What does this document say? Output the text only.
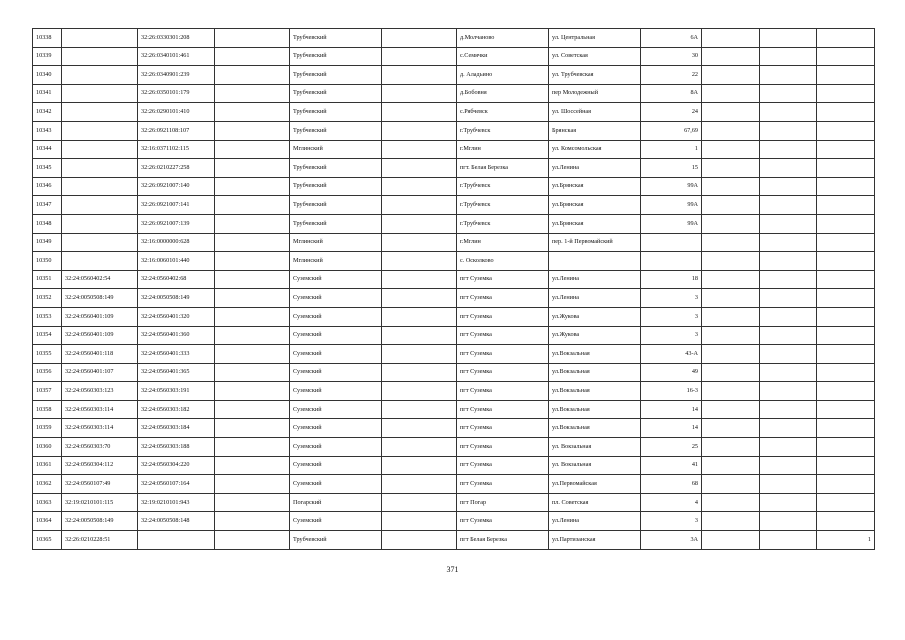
10338		32:26:0330301:208		Трубчевский		д.Молчаново	ул. Центральная	6А			
10339		32:26:0340101:461		Трубчевский		с.Семячки	ул. Советская	30			
10340		32:26:0340901:239		Трубчевский		д. Аладьино	ул. Трубчевская	22			
10341		32:26:0350101:179		Трубчевский		д.Бобовня	пер Молодежный	8А			
10342		32:26:0290101:410		Трубчевский		с.Рябчевск	ул. Шоссейная	24			
10343		32:26:0921108:107		Трубчевский		г.Трубчевск	Брянская	67,69			
10344		32:16:0371102:115		Мглинский		г.Мглин	ул. Комсомольская	1			
10345		32:26:0210227:258		Трубчевский		пгт. Белая Березка	ул.Ленина	15			
10346		32:26:0921007:140		Трубчевский		г.Трубчевск	ул.Брянская	99А			
10347		32:26:0921007:141		Трубчевский		г.Трубчевск	ул.Брянская	99А			
10348		32:26:0921007:139		Трубчевский		г.Трубчевск	ул.Брянская	99А			
10349		32:16:0000000:628		Мглинский		г.Мглин	пер. 1-й Первомайский				
10350		32:16:0060101:440		Мглинский		с. Осколково					
10351	32:24:0560402:54	32:24:0560402:68		Суземский		пгт Суземка	ул.Ленина	18			
10352	32:24:0050508:149	32:24:0050508:149		Суземский		пгт Суземка	ул.Ленина	3			
10353	32:24:0560401:109	32:24:0560401:320		Суземский		пгт Суземка	ул.Жукова	3			
10354	32:24:0560401:109	32:24:0560401:360		Суземский		пгт Суземка	ул.Жукова	3			
10355	32:24:0560401:118	32:24:0560401:333		Суземский		пгт Суземка	ул.Вокзальная	43-А			
10356	32:24:0560401:107	32:24:0560401:365		Суземский		пгт Суземка	ул.Вокзальная	49			
10357	32:24:0560303:123	32:24:0560303:191		Суземский		пгт Суземка	ул.Вокзальная	16-3			
10358	32:24:0560303:114	32:24:0560303:182		Суземский		пгт Суземка	ул.Вокзальная	14			
10359	32:24:0560303:114	32:24:0560303:184		Суземский		пгт Суземка	ул.Вокзальная	14			
10360	32:24:0560303:70	32:24:0560303:188		Суземский		пгт Суземка	ул. Вокзальная	25			
10361	32:24:0560304:112	32:24:0560304:220		Суземский		пгт Суземка	ул. Вокзальная	41			
10362	32:24:0560107:49	32:24:0560107:164		Суземский		пгт Суземка	ул.Первомайская	68			
10363	32:19:0210101:115	32:19:0210101:943		Погарский		пгт Погар	пл. Советская	4			
10364	32:24:0050508:149	32:24:0050508:148		Суземский		пгт Суземка	ул.Ленина	3			
10365	32:26:0210228:51			Трубчевский		пгт Белая Березка	ул.Партизанская	3А			1
371
